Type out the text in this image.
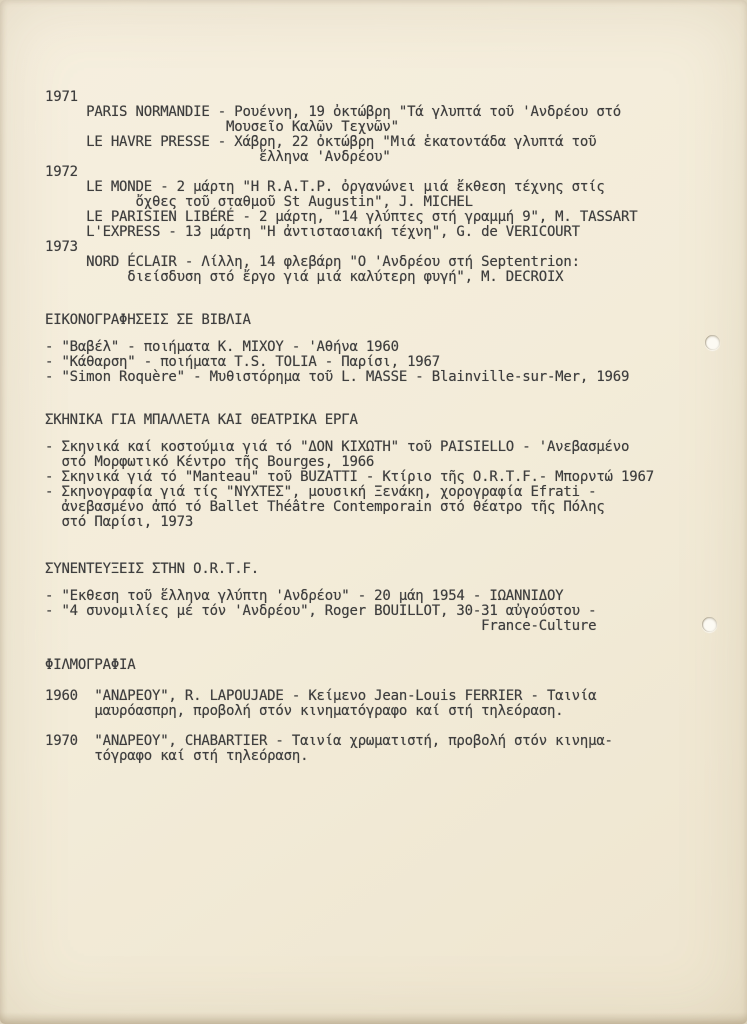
1971
PARIS NORMANDIE - Ρουέννη, 19 ὀκτώβρη "Τά γλυπτά τοῦ 'Ανδρέου στό
Μουσεῖο Καλῶν Τεχνῶν"
LE HAVRE PRESSE - Χάβρη, 22 ὀκτώβρη "Μιά ἑκατοντάδα γλυπτά τοῦ
ἕλληνα 'Ανδρέου"
1972
LE MONDE - 2 μάρτη "Η R.A.T.P. ὀργανώνει μιά ἔκθεση τέχνης στίς
ὄχθες τοῦ σταθμοῦ St Augustin", J. MICHEL
LE PARISIEN LIBÉRÉ - 2 μάρτη, "14 γλύπτες στή γραμμή 9", M. TASSART
L'EXPRESS - 13 μάρτη "Η ἀντιστασιακή τέχνη", G. de VERICOURT
1973
NORD ÉCLAIR - Λίλλη, 14 φλεβάρη "Ο 'Ανδρέου στή Septentrion:
διείσδυση στό ἔργο γιά μιά καλύτερη φυγή", M. DECROIX
ΕΙΚΟΝΟΓΡΑΦΗΣΕΙΣ ΣΕ ΒΙΒΛΙΑ
- "Βαβέλ" - ποιήματα Κ. ΜΙΧΟΥ - 'Αθήνα 1960
- "Κάθαρση" - ποιήματα T.S. TOLIA - Παρίσι, 1967
- "Simon Roquère" - Μυθιστόρημα τοῦ L. MASSE - Blainville-sur-Mer, 1969
ΣΚΗΝΙΚΑ ΓΙΑ ΜΠΑΛΛΕΤΑ ΚΑΙ ΘΕΑΤΡΙΚΑ ΕΡΓΑ
- Σκηνικά καί κοστούμια γιά τό "ΔΟΝ ΚΙΧΩΤΗ" τοῦ PAISIELLO - 'Ανεβασμένο
στό Μορφωτικό Κέντρο τῆς Bourges, 1966
- Σκηνικά γιά τό "Manteau" τοῦ BUZATTI - Κτίριο τῆς O.R.T.F.- Μπορντώ 1967
- Σκηνογραφία γιά τίς "ΝΥΧΤΕΣ", μουσική Ξενάκη, χορογραφία Efrati -
ἀνεβασμένο ἀπό τό Ballet Théâtre Contemporain στό θέατρο τῆς Πόλης
στό Παρίσι, 1973
ΣΥΝΕΝΤΕΥΞΕΙΣ ΣΤΗΝ O.R.T.F.
- "Εκθεση τοῦ ἕλληνα γλύπτη 'Ανδρέου" - 20 μάη 1954 - ΙΩΑΝΝΙΔΟΥ
- "4 συνομιλίες μέ τόν 'Ανδρέου", Roger BOUILLOT, 30-31 αὐγούστου -
France-Culture
ΦΙΛΜΟΓΡΑΦΙΑ
1960  "ΑΝΔΡΕΟΥ", R. LAPOUJADE - Κείμενο Jean-Louis FERRIER - Ταινία
μαυρόασπρη, προβολή στόν κινηματόγραφο καί στή τηλεόραση.
1970  "ΑΝΔΡΕΟΥ", CHABARTIER - Ταινία χρωματιστή, προβολή στόν κινημα-
τόγραφο καί στή τηλεόραση.
